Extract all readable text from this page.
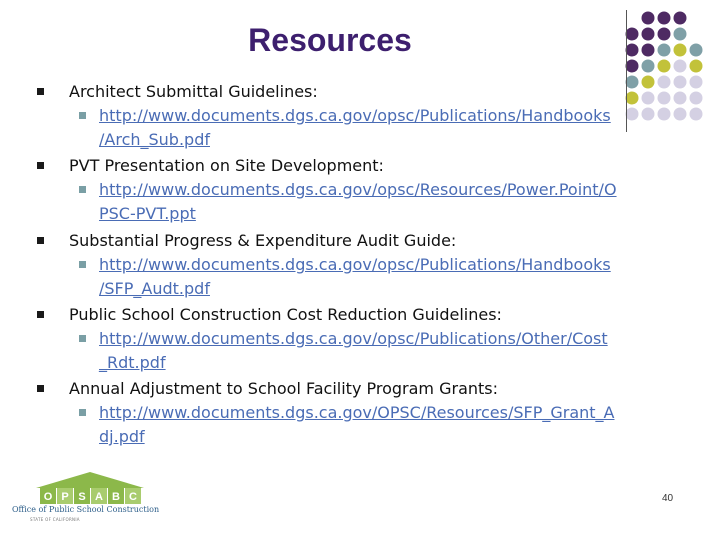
Resources
Architect Submittal Guidelines:
http://www.documents.dgs.ca.gov/opsc/Publications/Handbooks
/Arch_Sub.pdf
PVT Presentation on Site Development:
http://www.documents.dgs.ca.gov/opsc/Resources/Power.Point/O
PSC-PVT.ppt
Substantial Progress & Expenditure Audit Guide:
http://www.documents.dgs.ca.gov/opsc/Publications/Handbooks
/SFP_Audt.pdf
Public School Construction Cost Reduction Guidelines:
http://www.documents.dgs.ca.gov/opsc/Publications/Other/Cost
_Rdt.pdf
Annual Adjustment to School Facility Program Grants:
http://www.documents.dgs.ca.gov/OPSC/Resources/SFP_Grant_A
dj.pdf
O P S A B C
Office of Public School Construction
STATE OF CALIFORNIA
40
